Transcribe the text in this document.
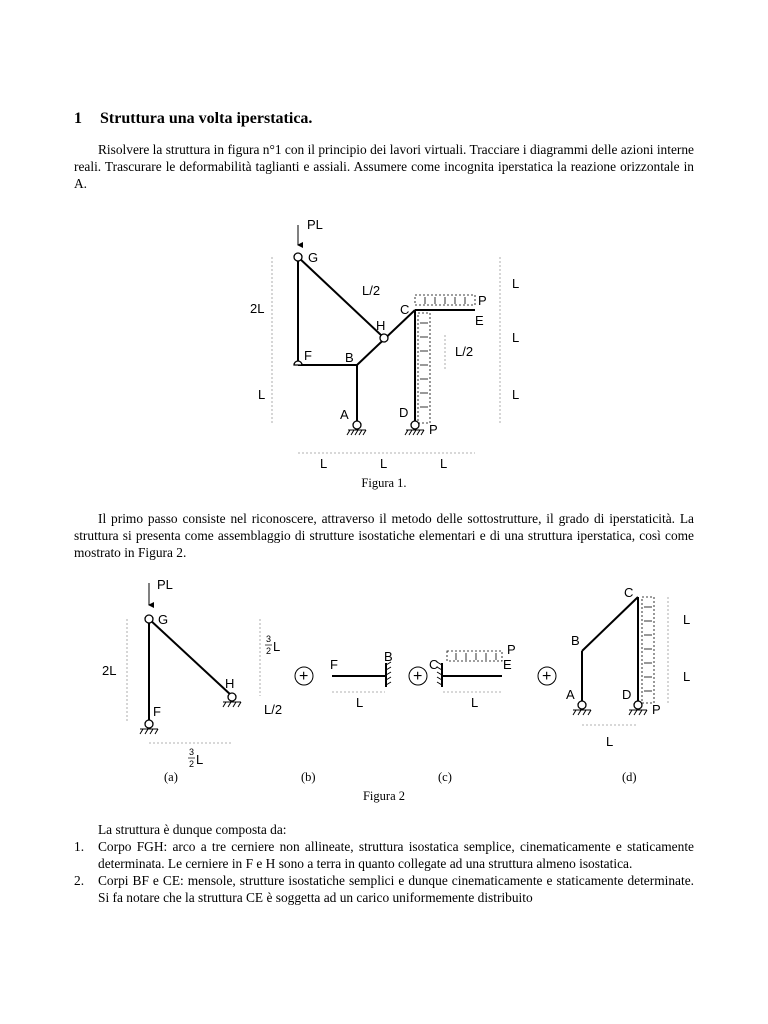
1 Struttura una volta iperstatica.
Risolvere la struttura in figura n°1 con il principio dei lavori virtuali. Tracciare i diagrammi delle azioni interne reali. Trascurare le deformabilità taglianti e assiali. Assumere come incognita iperstatica la reazione orizzontale in A.
PL
2L
L
L/2
L/2
L
L
L
L	L	L
G
H
F	B
C
E
P
A	D
P
Figura 1.
Il primo passo consiste nel riconoscere, attraverso il metodo delle sottostrutture, il grado di iperstaticità. La struttura si presenta come assemblaggio di strutture isostatiche elementari e di una struttura iperstatica, così come mostrato in Figura 2.
PL
G
H
F
2L
3
2 L
L/2
3
2 L
+
F
B
L
+
C	E
P
L
+
C
B
A	D
P
L
L
L
(a)	(b)	(c)	(d)
Figura 2
La struttura è dunque composta da:
1. Corpo FGH: arco a tre cerniere non allineate, struttura isostatica semplice, cinematicamente e staticamente determinata. Le cerniere in F e H sono a terra in quanto collegate ad una struttura almeno isostatica.
2. Corpi BF e CE: mensole, strutture isostatiche semplici e dunque cinematicamente e staticamente determinate. Si fa notare che la struttura CE è soggetta ad un carico uniformemente distribuito
